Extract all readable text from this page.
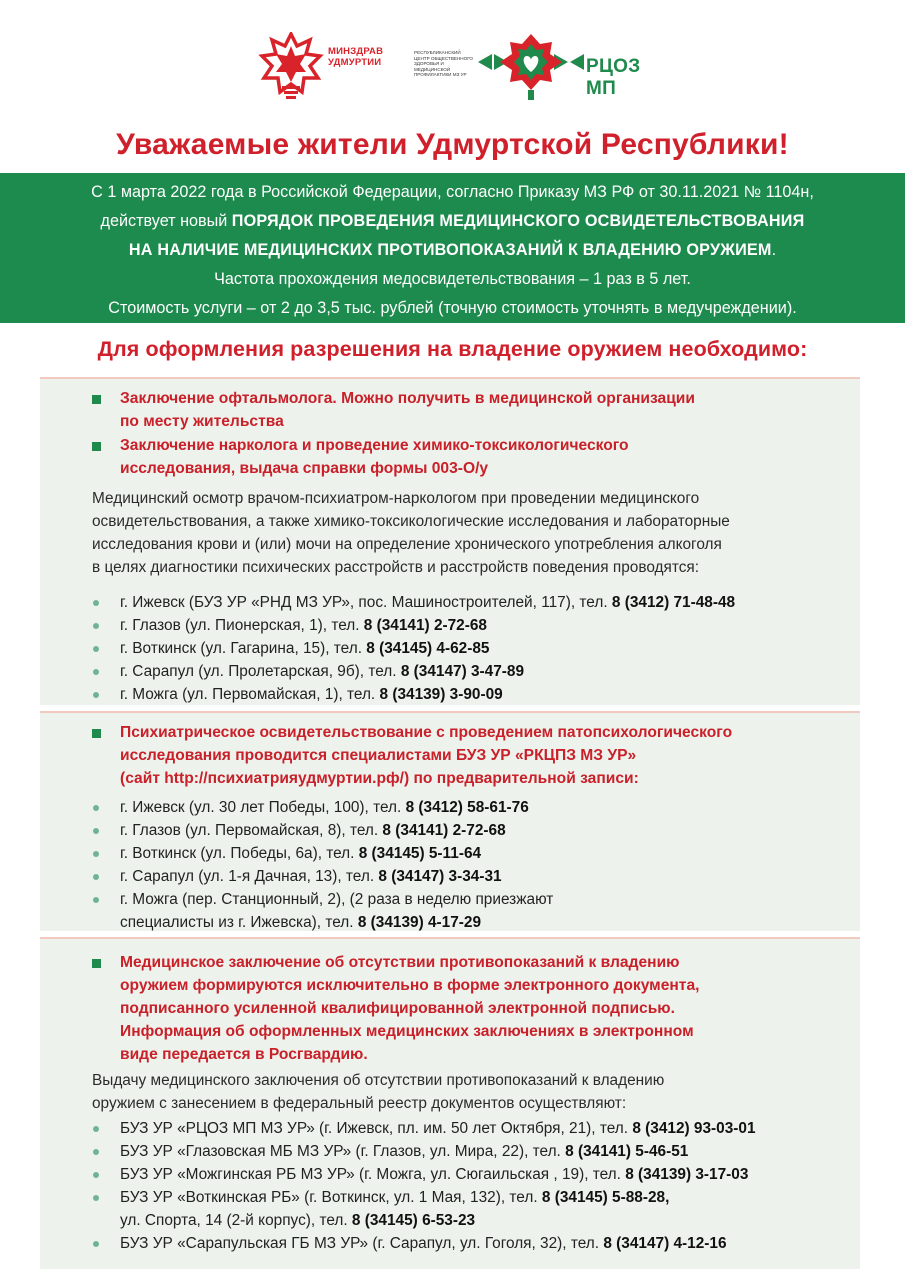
МИНЗДРАВ
УДМУРТИИ
РЕСПУБЛИКАНСКИЙ ЦЕНТР ОБЩЕСТВЕННОГО ЗДОРОВЬЯ И МЕДИЦИНСКОЙ ПРОФИЛАКТИКИ МЗ УР	РЦОЗ МП
Уважаемые жители Удмуртской Республики!
С 1 марта 2022 года в Российской Федерации, согласно Приказу МЗ РФ от 30.11.2021 № 1104н,
действует новый ПОРЯДОК ПРОВЕДЕНИЯ МЕДИЦИНСКОГО ОСВИДЕТЕЛЬСТВОВАНИЯ
НА НАЛИЧИЕ МЕДИЦИНСКИХ ПРОТИВОПОКАЗАНИЙ К ВЛАДЕНИЮ ОРУЖИЕМ.
Частота прохождения медосвидетельствования – 1 раз в 5 лет.
Стоимость услуги – от 2 до 3,5 тыс. рублей (точную стоимость уточнять в медучреждении).
Для оформления разрешения на владение оружием необходимо:
Заключение офтальмолога. Можно получить в медицинской организации
по месту жительства
Заключение нарколога и проведение химико-токсикологического
исследования, выдача справки формы 003-О/у
Медицинский осмотр врачом-психиатром-наркологом при проведении медицинского
освидетельствования, а также химико-токсикологические исследования и лабораторные
исследования крови и (или) мочи на определение хронического употребления алкоголя
в целях диагностики психических расстройств и расстройств поведения проводятся:
г. Ижевск (БУЗ УР «РНД МЗ УР», пос. Машиностроителей, 117), тел. 8 (3412) 71-48-48
г. Глазов (ул. Пионерская, 1), тел. 8 (34141) 2-72-68
г. Воткинск (ул. Гагарина, 15), тел. 8 (34145) 4-62-85
г. Сарапул (ул. Пролетарская, 9б), тел. 8 (34147) 3-47-89
г. Можга (ул. Первомайская, 1), тел. 8 (34139) 3-90-09
Психиатрическое освидетельствование с проведением патопсихологического
исследования проводится специалистами БУЗ УР «РКЦПЗ МЗ УР»
(сайт http://психиатрияудмуртии.рф/) по предварительной записи:
г. Ижевск (ул. 30 лет Победы, 100), тел. 8 (3412) 58-61-76
г. Глазов (ул. Первомайская, 8), тел. 8 (34141) 2-72-68
г. Воткинск (ул. Победы, 6а), тел. 8 (34145) 5-11-64
г. Сарапул (ул. 1-я Дачная, 13), тел. 8 (34147) 3-34-31
г. Можга (пер. Станционный, 2), (2 раза в неделю приезжают
специалисты из г. Ижевска), тел. 8 (34139) 4-17-29
Медицинское заключение об отсутствии противопоказаний к владению
оружием формируются исключительно в форме электронного документа,
подписанного усиленной квалифицированной электронной подписью.
Информация об оформленных медицинских заключениях в электронном
виде передается в Росгвардию.
Выдачу медицинского заключения об отсутствии противопоказаний к владению
оружием с занесением в федеральный реестр документов осуществляют:
БУЗ УР «РЦОЗ МП МЗ УР» (г. Ижевск, пл. им. 50 лет Октября, 21), тел. 8 (3412) 93-03-01
БУЗ УР «Глазовская МБ МЗ УР» (г. Глазов, ул. Мира, 22), тел. 8 (34141) 5-46-51
БУЗ УР «Можгинская РБ МЗ УР» (г. Можга, ул. Сюгаильская , 19), тел. 8 (34139) 3-17-03
БУЗ УР «Воткинская РБ» (г. Воткинск, ул. 1 Мая, 132), тел. 8 (34145) 5-88-28,
ул. Спорта, 14 (2-й корпус), тел. 8 (34145) 6-53-23
БУЗ УР «Сарапульская ГБ МЗ УР» (г. Сарапул, ул. Гоголя, 32), тел. 8 (34147) 4-12-16
